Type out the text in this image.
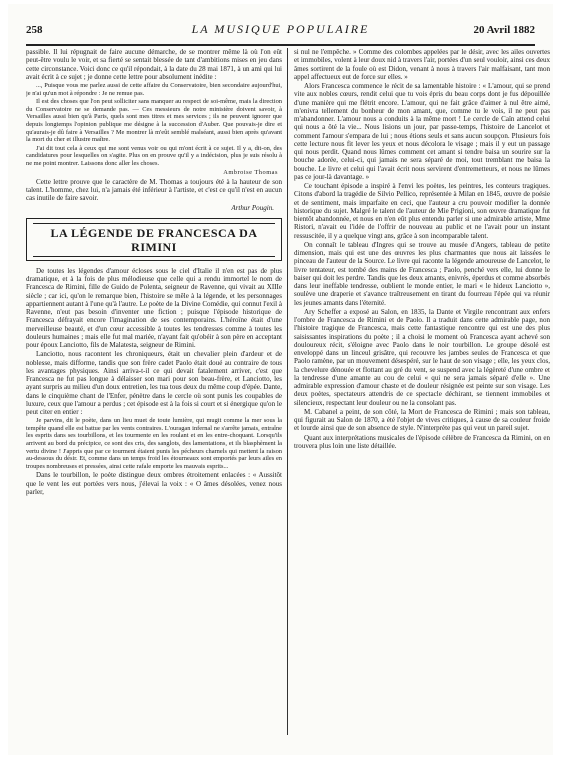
258	LA MUSIQUE POPULAIRE	20 Avril 1882

passible. Il lui répugnait de faire aucune démarche, de se montrer même là où l'on eût peut-être voulu le voir, et sa fierté se sentait blessée de tant d'ambitions mises en jeu dans cette circonstance. Voici donc ce qu'il répondait, à la date du 28 mai 1871, à un ami qui lui avait écrit à ce sujet ; je donne cette lettre pour absolument inédite :

..., Puisque vous me parlez aussi de cette affaire du Conservatoire, bien secondaire aujourd'hui, je n'ai qu'un mot à répondre : Je ne remue pas.

Il est des choses que l'on peut solliciter sans manquer au respect de soi-même, mais la direction du Conservatoire ne se demande pas. — Ces messieurs de notre ministère doivent savoir, à Versailles aussi bien qu'à Paris, quels sont mes titres et mes services ; ils ne peuvent ignorer que depuis longtemps l'opinion publique me désigne à la succession d'Auber. Que pouvais-je dire et qu'aurais-je dû faire à Versailles ? Me montrer là m'eût semblé malséant, aussi bien après qu'avant la mort du cher et illustre maître.

J'ai dit tout cela à ceux qui me sont venus voir ou qui m'ont écrit à ce sujet. Il y a, dit-on, des candidatures pour lesquelles on s'agite. Plus on en prouve qu'il y a indécision, plus je suis résolu à ne me point montrer. Laissons donc aller les choses.

Ambroise Thomas

Cette lettre prouve que le caractère de M. Thomas a toujours été à la hauteur de son talent. L'homme, chez lui, n'a jamais été inférieur à l'artiste, et c'est ce qu'il n'est en aucun cas inutile de faire savoir.

Arthur Pougin.

LA LÉGENDE DE FRANCESCA DA RIMINI

De toutes les légendes d'amour écloses sous le ciel d'Italie il n'en est pas de plus dramatique, et à la fois de plus mélodieuse que celle qui a rendu immortel le nom de Francesca de Rimini, fille de Guido de Polenta, seigneur de Ravenne, qui vivait au XIIIe siècle ; car ici, qu'on le remarque bien, l'histoire se mêle à la légende, et les personnages appartiennent autant à l'une qu'à l'autre. Le poète de la Divine Comédie, qui connut l'exil à Ravenne, n'eut pas besoin d'inventer une fiction ; puisque l'épisode historique de Francesca défrayait encore l'imagination de ses contemporains. L'héroïne était d'une merveilleuse beauté, et d'un cœur accessible à toutes les tendresses comme à toutes les douleurs humaines ; mais elle fut mal mariée, n'ayant fait qu'obéir à son père en acceptant pour époux Lanciotto, fils de Malatesta, seigneur de Rimini.

Lanciotto, nous racontent les chroniqueurs, était un chevalier plein d'ardeur et de noblesse, mais difforme, tandis que son frère cadet Paolo était doué au contraire de tous les avantages physiques. Ainsi arriva-t-il ce qui devait fatalement arriver, c'est que Francesca ne fut pas longue à délaisser son mari pour son beau-frère, et Lanciotto, les ayant surpris au milieu d'un doux entretien, les tua tous deux du même coup d'épée. Dante, dans le cinquième chant de l'Enfer, pénètre dans le cercle où sont punis les coupables de luxure, ceux que l'amour a perdus ; cet épisode est à la fois si court et si énergique qu'on le peut citer en entier :

Je parvins, dit le poète, dans un lieu muet de toute lumière, qui mugit comme la mer sous la tempête quand elle est battue par les vents contraires. L'ouragan infernal ne s'arrête jamais, entraîne les esprits dans ses tourbillons, et les tourmente en les roulant et en les entre-choquant. Lorsqu'ils arrivent au bord du précipice, ce sont des cris, des sanglots, des lamentations, et ils blasphèment la vertu divine ! J'appris que par ce tourment étaient punis les pécheurs charnels qui mettent la raison au-dessous du désir. Et, comme dans un temps froid les étourneaux sont emportés par leurs ailes en troupes nombreuses et pressées, ainsi cette rafale emporte les mauvais esprits...

Dans le tourbillon, le poète distingue deux ombres étroitement enlacées : « Aussitôt que le vent les eut portées vers nous, j'élevai la voix : « O âmes désolées, venez nous parler,

si nul ne l'empêche. » Comme des colombes appelées par le désir, avec les ailes ouvertes et immobiles, volent à leur doux nid à travers l'air, portées d'un seul vouloir, ainsi ces deux âmes sortirent de la foule où est Didon, venant à nous à travers l'air malfaisant, tant mon appel affectueux eut de force sur elles. »

Alors Francesca commence le récit de sa lamentable histoire : « L'amour, qui se prend vite aux nobles cœurs, rendit celui que tu vois épris du beau corps dont je fus dépouillée d'une manière qui me flétrit encore. L'amour, qui ne fait grâce d'aimer à nul être aimé, m'enivra tellement du bonheur de mon amant, que, comme tu le vois, il ne peut pas m'abandonner. L'amour nous a conduits à la même mort ! Le cercle de Caïn attend celui qui nous a ôté la vie... Nous lisions un jour, par passe-temps, l'histoire de Lancelot et comment l'amour s'empara de lui ; nous étions seuls et sans aucun soupçon. Plusieurs fois cette lecture nous fit lever les yeux et nous décolora le visage ; mais il y eut un passage qui nous perdit. Quand nous lûmes comment cet amant si tendre baisa un sourire sur la bouche adorée, celui-ci, qui jamais ne sera séparé de moi, tout tremblant me baisa la bouche. Le livre et celui qui l'avait écrit nous servirent d'entremetteurs, et nous ne lûmes pas ce jour-là davantage. »

Ce touchant épisode a inspiré à l'envi les poètes, les peintres, les conteurs tragiques. Citons d'abord la tragédie de Silvio Pellico, représentée à Milan en 1845, œuvre de poésie et de sentiment, mais imparfaite en ceci, que l'auteur a cru pouvoir modifier la donnée historique du sujet. Malgré le talent de l'auteur de Mie Prigioni, son œuvre dramatique fut bientôt abandonnée, et nous en n'en eût plus entendu parler si une admirable artiste, Mme Ristori, n'avait eu l'idée de l'offrir de nouveau au public et ne l'avait pour un instant ressuscitée, il y a quelque vingt ans, grâce à son incomparable talent.

On connaît le tableau d'Ingres qui se trouve au musée d'Angers, tableau de petite dimension, mais qui est une des œuvres les plus charmantes que nous ait laissées le pinceau de l'auteur de la Source. Le livre qui raconte la légende amoureuse de Lancelot, le livre tentateur, est tombé des mains de Francesca ; Paolo, penché vers elle, lui donne le baiser qui doit les perdre. Tandis que les deux amants, enivrés, éperdus et comme absorbés dans leur ineffable tendresse, oublient le monde entier, le mari « le hideux Lanciotto », soulève une draperie et s'avance traîtreusement en tirant du fourreau l'épée qui va réunir les jeunes amants dans l'éternité.

Ary Scheffer a exposé au Salon, en 1835, la Dante et Virgile rencontrant aux enfers l'ombre de Francesca de Rimini et de Paolo. Il a traduit dans cette admirable page, non l'histoire tragique de Francesca, mais cette fantastique rencontre qui est une des plus saisissantes inspirations du poète ; il a choisi le moment où Francesca ayant achevé son douloureux récit, s'éloigne avec Paolo dans le noir tourbillon. Le groupe désolé est enveloppé dans un linceul grisâtre, qui recouvre les jambes seules de Francesca et que Paolo ramène, par un mouvement désespéré, sur le haut de son visage ; elle, les yeux clos, la chevelure dénouée et flottant au gré du vent, se suspend avec la légèreté d'une ombre et la tendresse d'une amante au cou de celui « qui ne sera jamais séparé d'elle ». Une admirable expression d'amour chaste et de douleur résignée est peinte sur son visage. Les deux poètes, spectateurs attendris de ce spectacle déchirant, se tiennent immobiles et silencieux, respectant leur douleur ou ne la consolant pas.

M. Cabanel a peint, de son côté, la Mort de Francesca de Rimini ; mais son tableau, qui figurait au Salon de 1870, a été l'objet de vives critiques, à cause de sa couleur froide et lourde ainsi que de son absence de style. N'interprète pas qui veut un pareil sujet.

Quant aux interprétations musicales de l'épisode célèbre de Francesca da Rimini, on en trouvera plus loin une liste détaillée.
